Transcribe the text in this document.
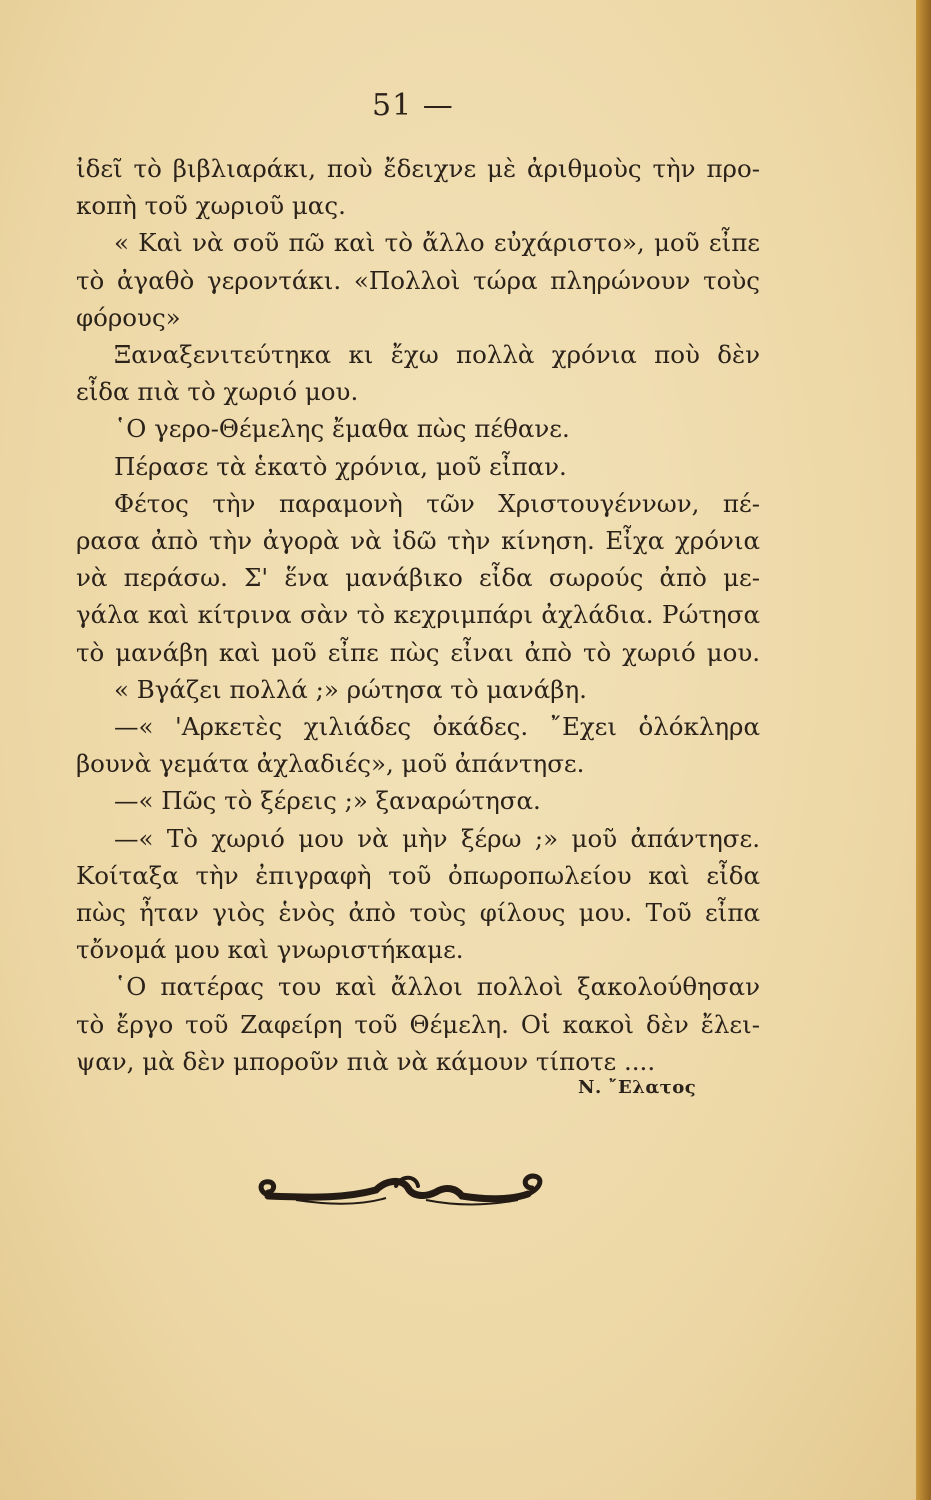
51 —
ἰδεῖ τὸ βιβλιαράκι, ποὺ ἔδειχνε μὲ ἀριθμοὺς τὴν προ-
κοπὴ τοῦ χωριοῦ μας.
« Καὶ νὰ σοῦ πῶ καὶ τὸ ἄλλο εὐχάριστο», μοῦ εἶπε
τὸ ἀγαθὸ γεροντάκι. «Πολλοὶ τώρα πληρώνουν τοὺς
φόρους»
Ξαναξενιτεύτηκα κι ἔχω πολλὰ χρόνια ποὺ δὲν
εἶδα πιὰ τὸ χωριό μου.
῾Ο γερο-Θέμελης ἔμαθα πὼς πέθανε.
Πέρασε τὰ ἑκατὸ χρόνια, μοῦ εἶπαν.
Φέτος τὴν παραμονὴ τῶν Χριστουγέννων, πέ-
ρασα ἀπὸ τὴν ἀγορὰ νὰ ἰδῶ τὴν κίνηση. Εἶχα χρόνια
νὰ περάσω. Σ' ἕνα μανάβικο εἶδα σωρούς ἀπὸ με-
γάλα καὶ κίτρινα σὰν τὸ κεχριμπάρι ἀχλάδια. Ρώτησα
τὸ μανάβη καὶ μοῦ εἶπε πὼς εἶναι ἀπὸ τὸ χωριό μου.
« Βγάζει πολλά ;» ρώτησα τὸ μανάβη.
—« 'Αρκετὲς χιλιάδες ὀκάδες. ῎Εχει ὁλόκληρα
βουνὰ γεμάτα ἀχλαδιές», μοῦ ἀπάντησε.
—« Πῶς τὸ ξέρεις ;» ξαναρώτησα.
—« Τὸ χωριό μου νὰ μὴν ξέρω ;» μοῦ ἀπάντησε.
Κοίταξα τὴν ἐπιγραφὴ τοῦ ὀπωροπωλείου καὶ εἶδα
πὼς ἦταν γιὸς ἑνὸς ἀπὸ τοὺς φίλους μου. Τοῦ εἶπα
τὄνομά μου καὶ γνωριστήκαμε.
῾Ο πατέρας του καὶ ἄλλοι πολλοὶ ξακολούθησαν
τὸ ἔργο τοῦ Ζαφείρη τοῦ Θέμελη. Οἱ κακοὶ δὲν ἔλει-
ψαν, μὰ δὲν μποροῦν πιὰ νὰ κάμουν τίποτε ....
Ν. ῎Ελατος
